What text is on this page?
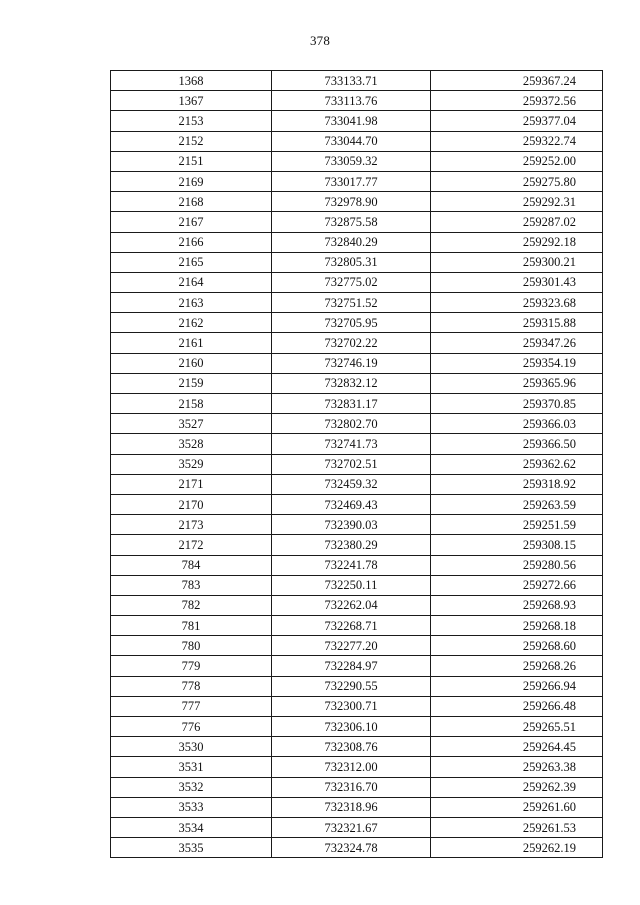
378
1368	733133.71	259367.24
1367	733113.76	259372.56
2153	733041.98	259377.04
2152	733044.70	259322.74
2151	733059.32	259252.00
2169	733017.77	259275.80
2168	732978.90	259292.31
2167	732875.58	259287.02
2166	732840.29	259292.18
2165	732805.31	259300.21
2164	732775.02	259301.43
2163	732751.52	259323.68
2162	732705.95	259315.88
2161	732702.22	259347.26
2160	732746.19	259354.19
2159	732832.12	259365.96
2158	732831.17	259370.85
3527	732802.70	259366.03
3528	732741.73	259366.50
3529	732702.51	259362.62
2171	732459.32	259318.92
2170	732469.43	259263.59
2173	732390.03	259251.59
2172	732380.29	259308.15
784	732241.78	259280.56
783	732250.11	259272.66
782	732262.04	259268.93
781	732268.71	259268.18
780	732277.20	259268.60
779	732284.97	259268.26
778	732290.55	259266.94
777	732300.71	259266.48
776	732306.10	259265.51
3530	732308.76	259264.45
3531	732312.00	259263.38
3532	732316.70	259262.39
3533	732318.96	259261.60
3534	732321.67	259261.53
3535	732324.78	259262.19
